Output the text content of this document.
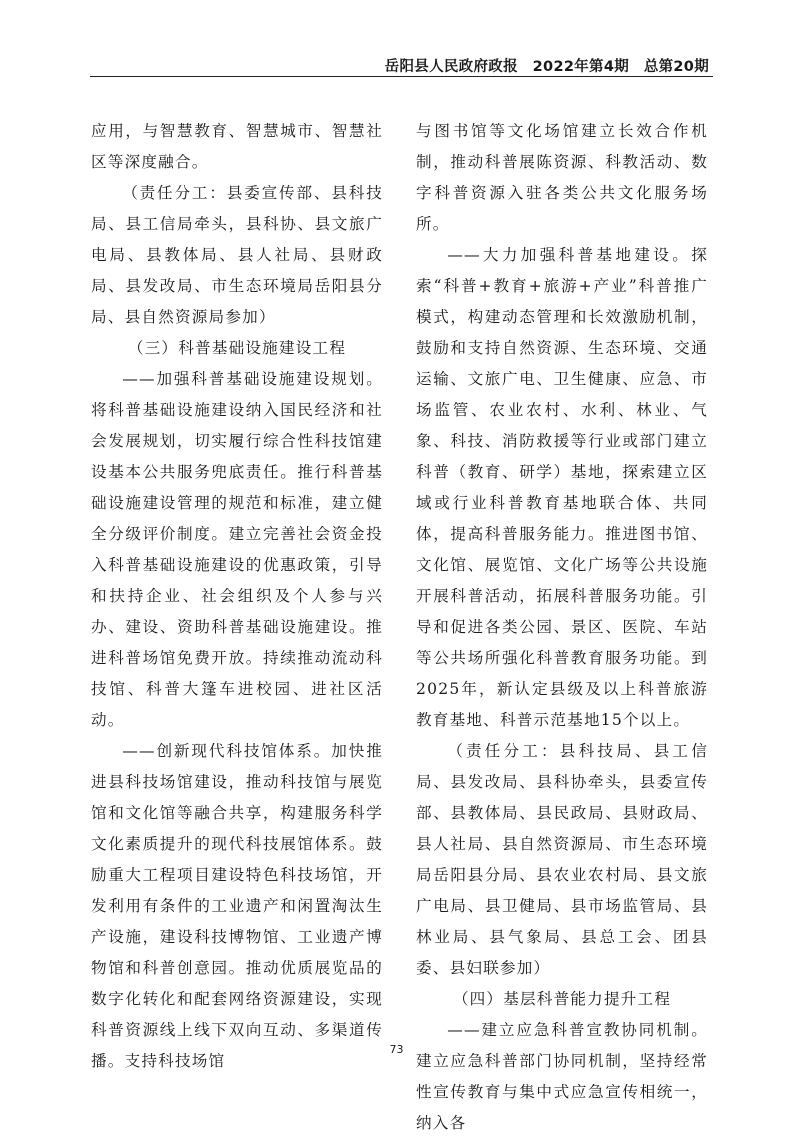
岳阳县人民政府政报　2022年第4期　总第20期

应用，与智慧教育、智慧城市、智慧社区等深度融合。

（责任分工：县委宣传部、县科技局、县工信局牵头，县科协、县文旅广电局、县教体局、县人社局、县财政局、县发改局、市生态环境局岳阳县分局、县自然资源局参加）

（三）科普基础设施建设工程

——加强科普基础设施建设规划。将科普基础设施建设纳入国民经济和社会发展规划，切实履行综合性科技馆建设基本公共服务兜底责任。推行科普基础设施建设管理的规范和标准，建立健全分级评价制度。建立完善社会资金投入科普基础设施建设的优惠政策，引导和扶持企业、社会组织及个人参与兴办、建设、资助科普基础设施建设。推进科普场馆免费开放。持续推动流动科技馆、科普大篷车进校园、进社区活动。

——创新现代科技馆体系。加快推进县科技场馆建设，推动科技馆与展览馆和文化馆等融合共享，构建服务科学文化素质提升的现代科技展馆体系。鼓励重大工程项目建设特色科技场馆，开发利用有条件的工业遗产和闲置淘汰生产设施，建设科技博物馆、工业遗产博物馆和科普创意园。推动优质展览品的数字化转化和配套网络资源建设，实现科普资源线上线下双向互动、多渠道传播。支持科技场馆

与图书馆等文化场馆建立长效合作机制，推动科普展陈资源、科教活动、数字科普资源入驻各类公共文化服务场所。

——大力加强科普基地建设。探索“科普+教育+旅游+产业”科普推广模式，构建动态管理和长效激励机制，鼓励和支持自然资源、生态环境、交通运输、文旅广电、卫生健康、应急、市场监管、农业农村、水利、林业、气象、科技、消防救援等行业或部门建立科普（教育、研学）基地，探索建立区域或行业科普教育基地联合体、共同体，提高科普服务能力。推进图书馆、文化馆、展览馆、文化广场等公共设施开展科普活动，拓展科普服务功能。引导和促进各类公园、景区、医院、车站等公共场所强化科普教育服务功能。到2025年，新认定县级及以上科普旅游教育基地、科普示范基地15个以上。

（责任分工：县科技局、县工信局、县发改局、县科协牵头，县委宣传部、县教体局、县民政局、县财政局、县人社局、县自然资源局、市生态环境局岳阳县分局、县农业农村局、县文旅广电局、县卫健局、县市场监管局、县林业局、县气象局、县总工会、团县委、县妇联参加）

（四）基层科普能力提升工程

——建立应急科普宣教协同机制。建立应急科普部门协同机制，坚持经常性宣传教育与集中式应急宣传相统一，纳入各

73
